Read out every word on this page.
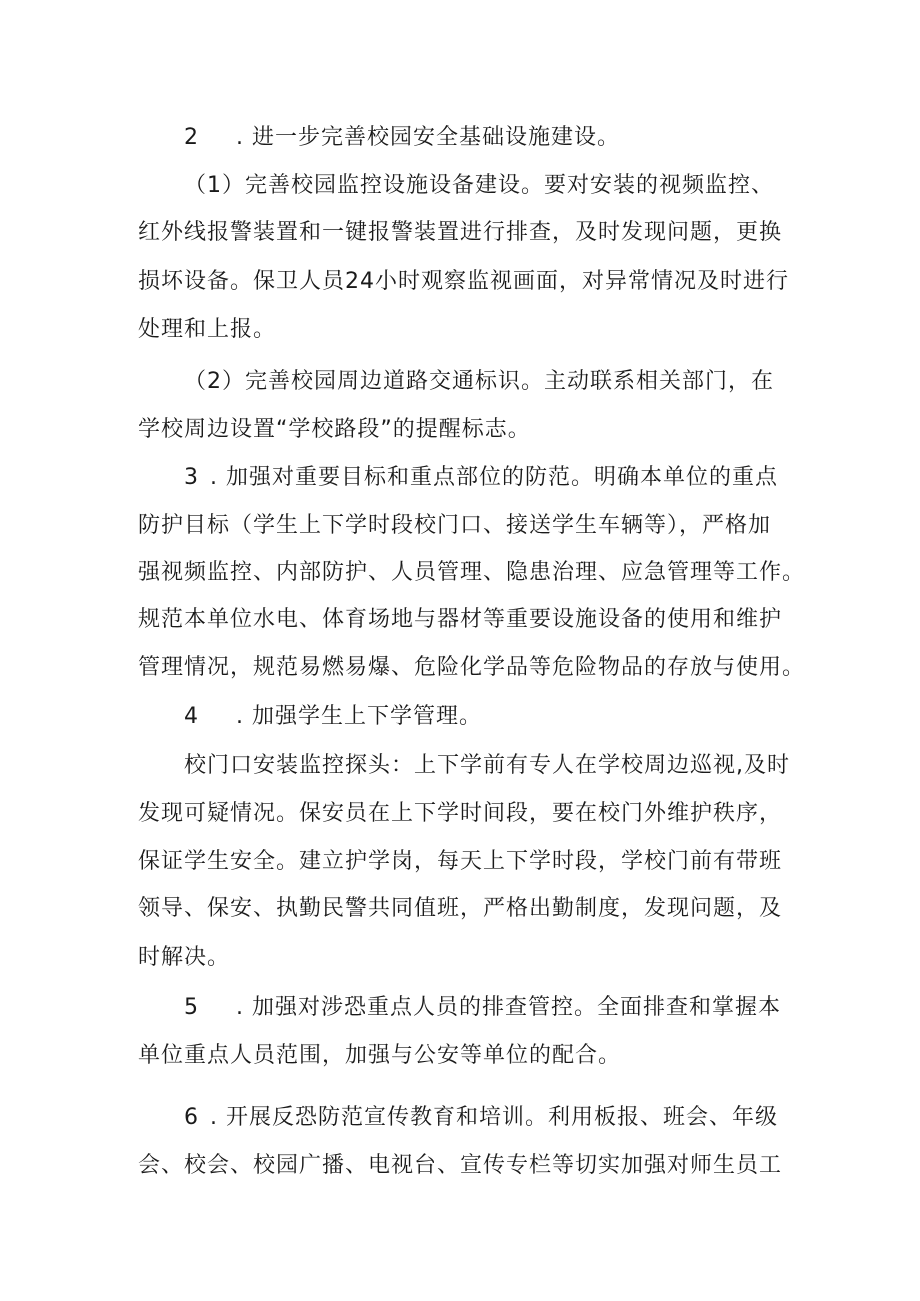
2 . 进一步完善校园安全基础设施建设。
（1）完善校园监控设施设备建设。要对安装的视频监控、
红外线报警装置和一键报警装置进行排查，及时发现问题，更换
损坏设备。保卫人员24小时观察监视画面，对异常情况及时进行
处理和上报。
（2）完善校园周边道路交通标识。主动联系相关部门，在
学校周边设置“学校路段”的提醒标志。
3 . 加强对重要目标和重点部位的防范。明确本单位的重点
防护目标（学生上下学时段校门口、接送学生车辆等），严格加
强视频监控、内部防护、人员管理、隐患治理、应急管理等工作。
规范本单位水电、体育场地与器材等重要设施设备的使用和维护
管理情况，规范易燃易爆、危险化学品等危险物品的存放与使用。
4 . 加强学生上下学管理。
校门口安装监控探头：上下学前有专人在学校周边巡视,及时
发现可疑情况。保安员在上下学时间段，要在校门外维护秩序，
保证学生安全。建立护学岗，每天上下学时段，学校门前有带班
领导、保安、执勤民警共同值班，严格出勤制度，发现问题，及
时解决。
5 . 加强对涉恐重点人员的排查管控。全面排查和掌握本
单位重点人员范围，加强与公安等单位的配合。
6 . 开展反恐防范宣传教育和培训。利用板报、班会、年级
会、校会、校园广播、电视台、宣传专栏等切实加强对师生员工
